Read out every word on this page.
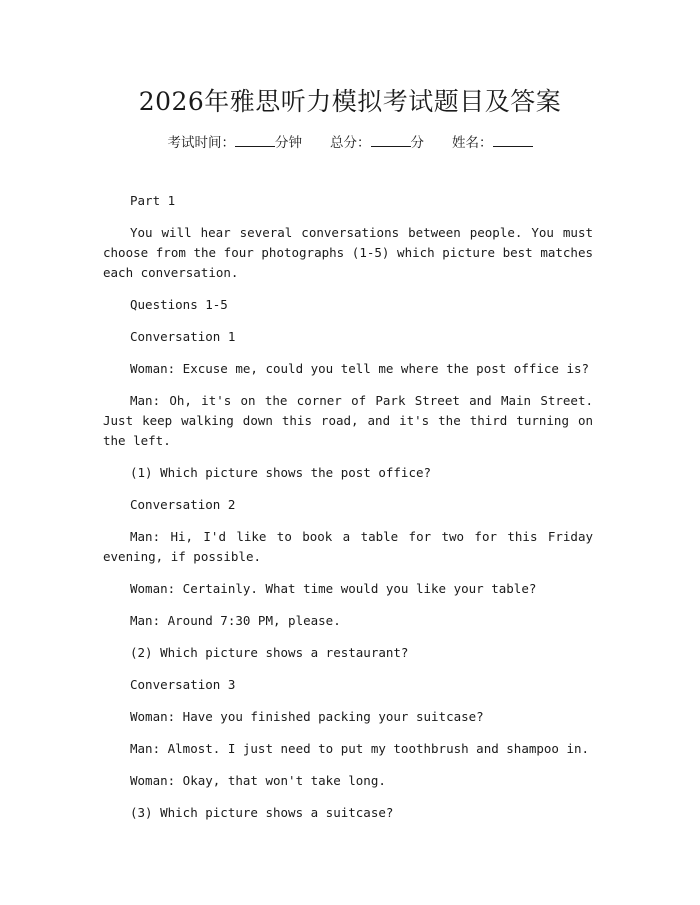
2026年雅思听力模拟考试题目及答案
考试时间：	分钟 总分：	分 姓名：

Part 1

You will hear several conversations between people. You must choose from the four photographs (1-5) which picture best matches each conversation.

Questions 1-5

Conversation 1

Woman: Excuse me, could you tell me where the post office is?

Man: Oh, it's on the corner of Park Street and Main Street. Just keep walking down this road, and it's the third turning on the left.

(1) Which picture shows the post office?

Conversation 2

Man: Hi, I'd like to book a table for two for this Friday evening, if possible.

Woman: Certainly. What time would you like your table?

Man: Around 7:30 PM, please.

(2) Which picture shows a restaurant?

Conversation 3

Woman: Have you finished packing your suitcase?

Man: Almost. I just need to put my toothbrush and shampoo in.

Woman: Okay, that won't take long.

(3) Which picture shows a suitcase?
